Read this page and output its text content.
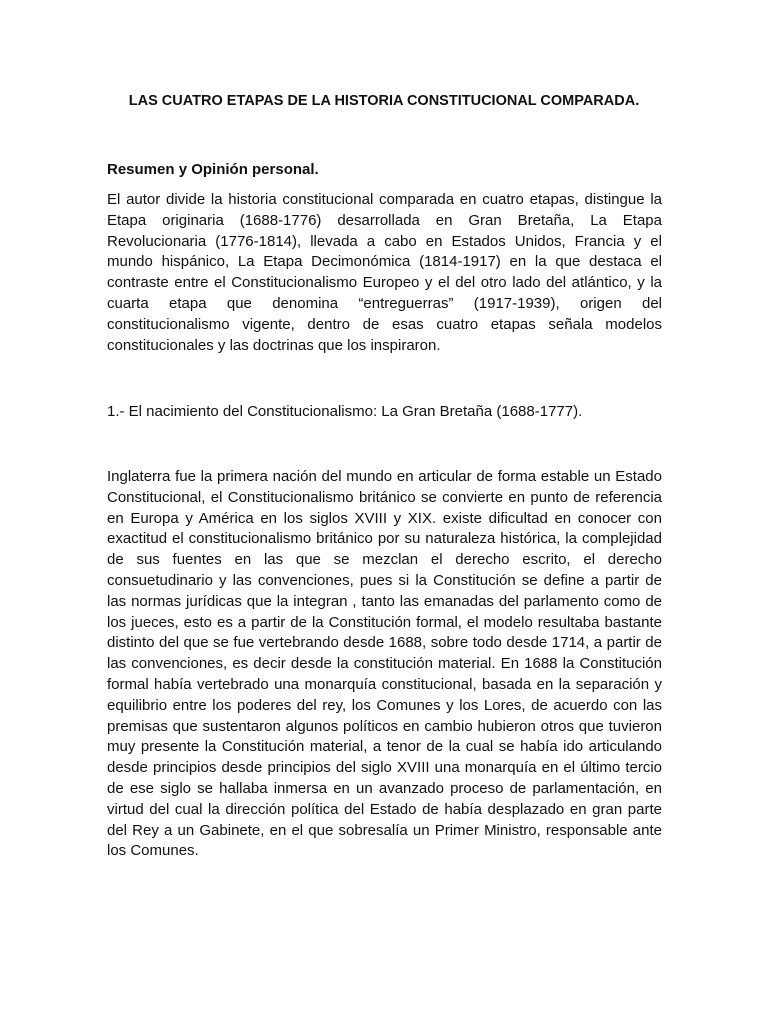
LAS CUATRO ETAPAS DE LA HISTORIA CONSTITUCIONAL COMPARADA.
Resumen y Opinión personal.
El autor divide la historia constitucional comparada en cuatro etapas, distingue la
Etapa originaria (1688-1776) desarrollada en Gran Bretaña, La Etapa
Revolucionaria (1776-1814), llevada a cabo en Estados Unidos, Francia y el
mundo hispánico, La Etapa Decimonómica (1814-1917) en la que destaca el
contraste entre el Constitucionalismo Europeo y el del otro lado del atlántico, y la
cuarta etapa que denomina “entreguerras” (1917-1939), origen del
constitucionalismo vigente, dentro de esas cuatro etapas señala modelos
constitucionales y las doctrinas que los inspiraron.

1.- El nacimiento del Constitucionalismo: La Gran Bretaña (1688-1777).

Inglaterra fue la primera nación del mundo en articular de forma estable un Estado
Constitucional, el Constitucionalismo británico se convierte en punto de referencia
en Europa y América en los siglos XVIII y XIX. existe dificultad en conocer con
exactitud el constitucionalismo británico por su naturaleza histórica, la complejidad
de sus fuentes en las que se mezclan el derecho escrito, el derecho
consuetudinario y las convenciones, pues si la Constitución se define a partir de
las normas jurídicas que la integran , tanto las emanadas del parlamento como de
los jueces, esto es a partir de la Constitución formal, el modelo resultaba bastante
distinto del que se fue vertebrando desde 1688, sobre todo desde 1714, a partir de
las convenciones, es decir desde la constitución material. En 1688 la Constitución
formal había vertebrado una monarquía constitucional, basada en la separación y
equilibrio entre los poderes del rey, los Comunes y los Lores, de acuerdo con las
premisas que sustentaron algunos políticos en cambio hubieron otros que tuvieron
muy presente la Constitución material, a tenor de la cual se había ido articulando
desde principios desde principios del siglo XVIII una monarquía en el último tercio
de ese siglo se hallaba inmersa en un avanzado proceso de parlamentación, en
virtud del cual la dirección política del Estado de había desplazado en gran parte
del Rey a un Gabinete, en el que sobresalía un Primer Ministro, responsable ante
los Comunes.
